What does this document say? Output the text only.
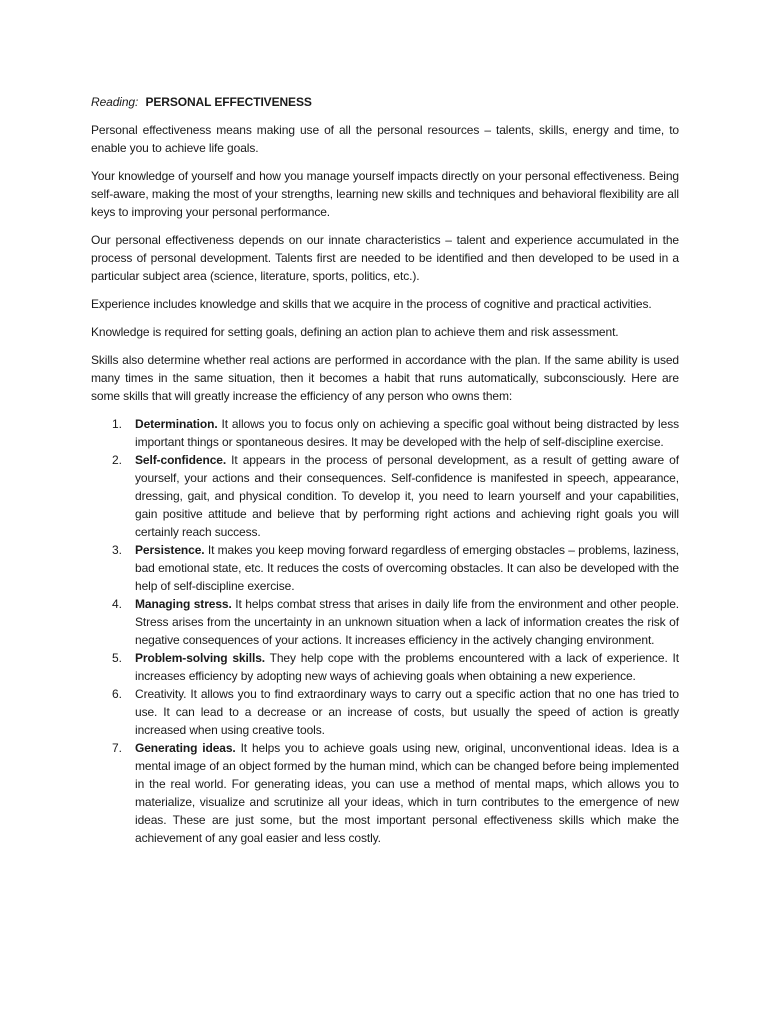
Reading: PERSONAL EFFECTIVENESS

Personal effectiveness means making use of all the personal resources – talents, skills, energy and time, to enable you to achieve life goals.

Your knowledge of yourself and how you manage yourself impacts directly on your personal effectiveness. Being self-aware, making the most of your strengths, learning new skills and techniques and behavioral flexibility are all keys to improving your personal performance.

Our personal effectiveness depends on our innate characteristics – talent and experience accumulated in the process of personal development. Talents first are needed to be identified and then developed to be used in a particular subject area (science, literature, sports, politics, etc.).

Experience includes knowledge and skills that we acquire in the process of cognitive and practical activities.

Knowledge is required for setting goals, defining an action plan to achieve them and risk assessment.

Skills also determine whether real actions are performed in accordance with the plan. If the same ability is used many times in the same situation, then it becomes a habit that runs automatically, subconsciously. Here are some skills that will greatly increase the efficiency of any person who owns them:

1. Determination. It allows you to focus only on achieving a specific goal without being distracted by less important things or spontaneous desires. It may be developed with the help of self-discipline exercise.
2. Self-confidence. It appears in the process of personal development, as a result of getting aware of yourself, your actions and their consequences. Self-confidence is manifested in speech, appearance, dressing, gait, and physical condition. To develop it, you need to learn yourself and your capabilities, gain positive attitude and believe that by performing right actions and achieving right goals you will certainly reach success.
3. Persistence. It makes you keep moving forward regardless of emerging obstacles – problems, laziness, bad emotional state, etc. It reduces the costs of overcoming obstacles. It can also be developed with the help of self-discipline exercise.
4. Managing stress. It helps combat stress that arises in daily life from the environment and other people. Stress arises from the uncertainty in an unknown situation when a lack of information creates the risk of negative consequences of your actions. It increases efficiency in the actively changing environment.
5. Problem-solving skills. They help cope with the problems encountered with a lack of experience. It increases efficiency by adopting new ways of achieving goals when obtaining a new experience.
6. Creativity. It allows you to find extraordinary ways to carry out a specific action that no one has tried to use. It can lead to a decrease or an increase of costs, but usually the speed of action is greatly increased when using creative tools.
7. Generating ideas. It helps you to achieve goals using new, original, unconventional ideas. Idea is a mental image of an object formed by the human mind, which can be changed before being implemented in the real world. For generating ideas, you can use a method of mental maps, which allows you to materialize, visualize and scrutinize all your ideas, which in turn contributes to the emergence of new ideas. These are just some, but the most important personal effectiveness skills which make the achievement of any goal easier and less costly.
